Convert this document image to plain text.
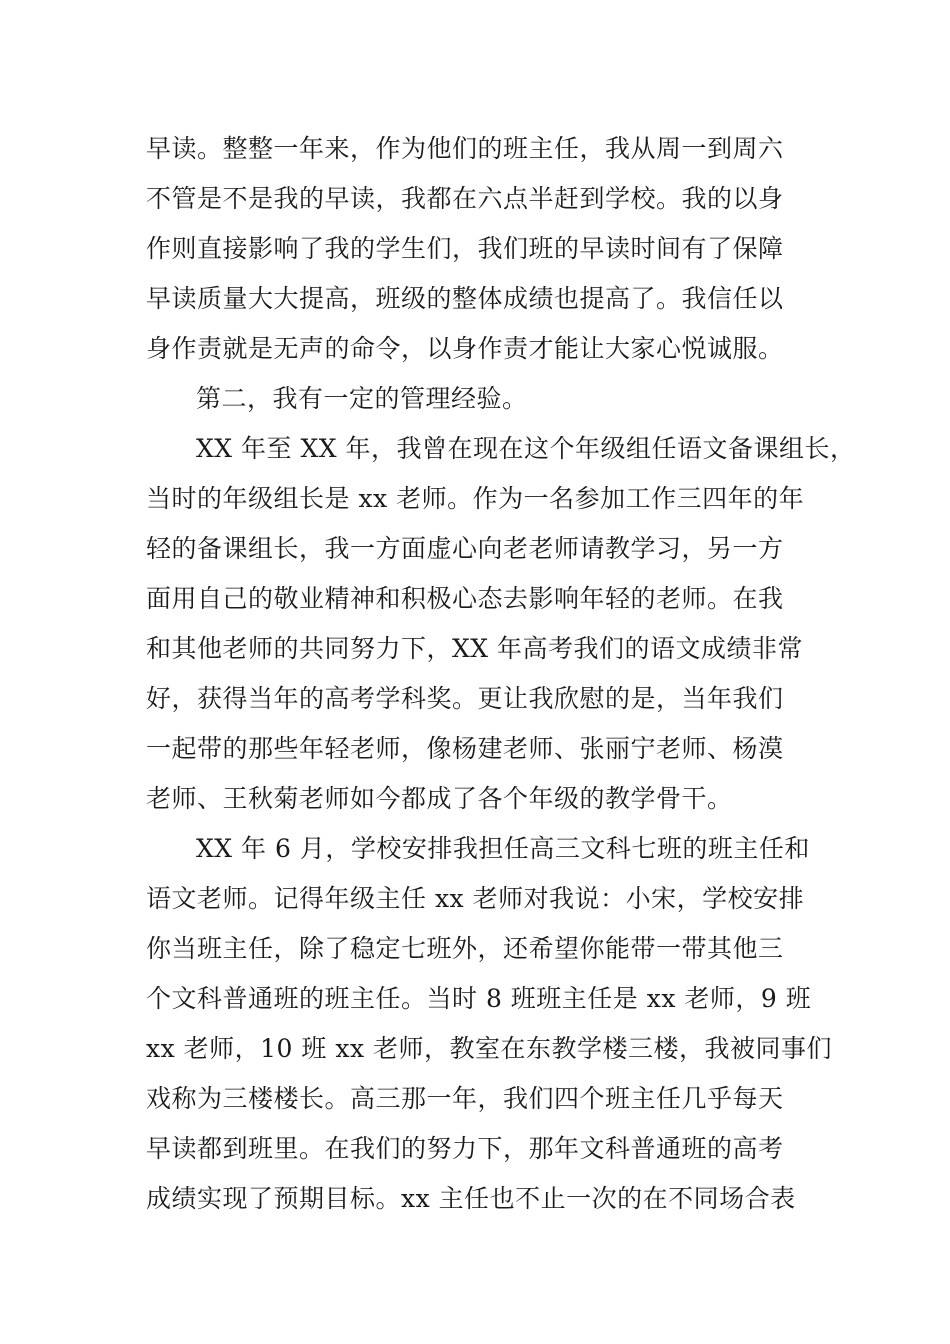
早读。整整一年来，作为他们的班主任，我从周一到周六
不管是不是我的早读，我都在六点半赶到学校。我的以身
作则直接影响了我的学生们，我们班的早读时间有了保障
早读质量大大提高，班级的整体成绩也提高了。我信任以
身作责就是无声的命令，以身作责才能让大家心悦诚服。
第二，我有一定的管理经验。
XX 年至 XX 年，我曾在现在这个年级组任语文备课组长，
当时的年级组长是 xx 老师。作为一名参加工作三四年的年
轻的备课组长，我一方面虚心向老老师请教学习，另一方
面用自己的敬业精神和积极心态去影响年轻的老师。在我
和其他老师的共同努力下，XX 年高考我们的语文成绩非常
好，获得当年的高考学科奖。更让我欣慰的是，当年我们
一起带的那些年轻老师，像杨建老师、张丽宁老师、杨漠
老师、王秋菊老师如今都成了各个年级的教学骨干。
XX 年 6 月，学校安排我担任高三文科七班的班主任和
语文老师。记得年级主任 xx 老师对我说：小宋，学校安排
你当班主任，除了稳定七班外，还希望你能带一带其他三
个文科普通班的班主任。当时 8 班班主任是 xx 老师，9 班
xx 老师，10 班 xx 老师，教室在东教学楼三楼，我被同事们
戏称为三楼楼长。高三那一年，我们四个班主任几乎每天
早读都到班里。在我们的努力下，那年文科普通班的高考
成绩实现了预期目标。xx 主任也不止一次的在不同场合表
